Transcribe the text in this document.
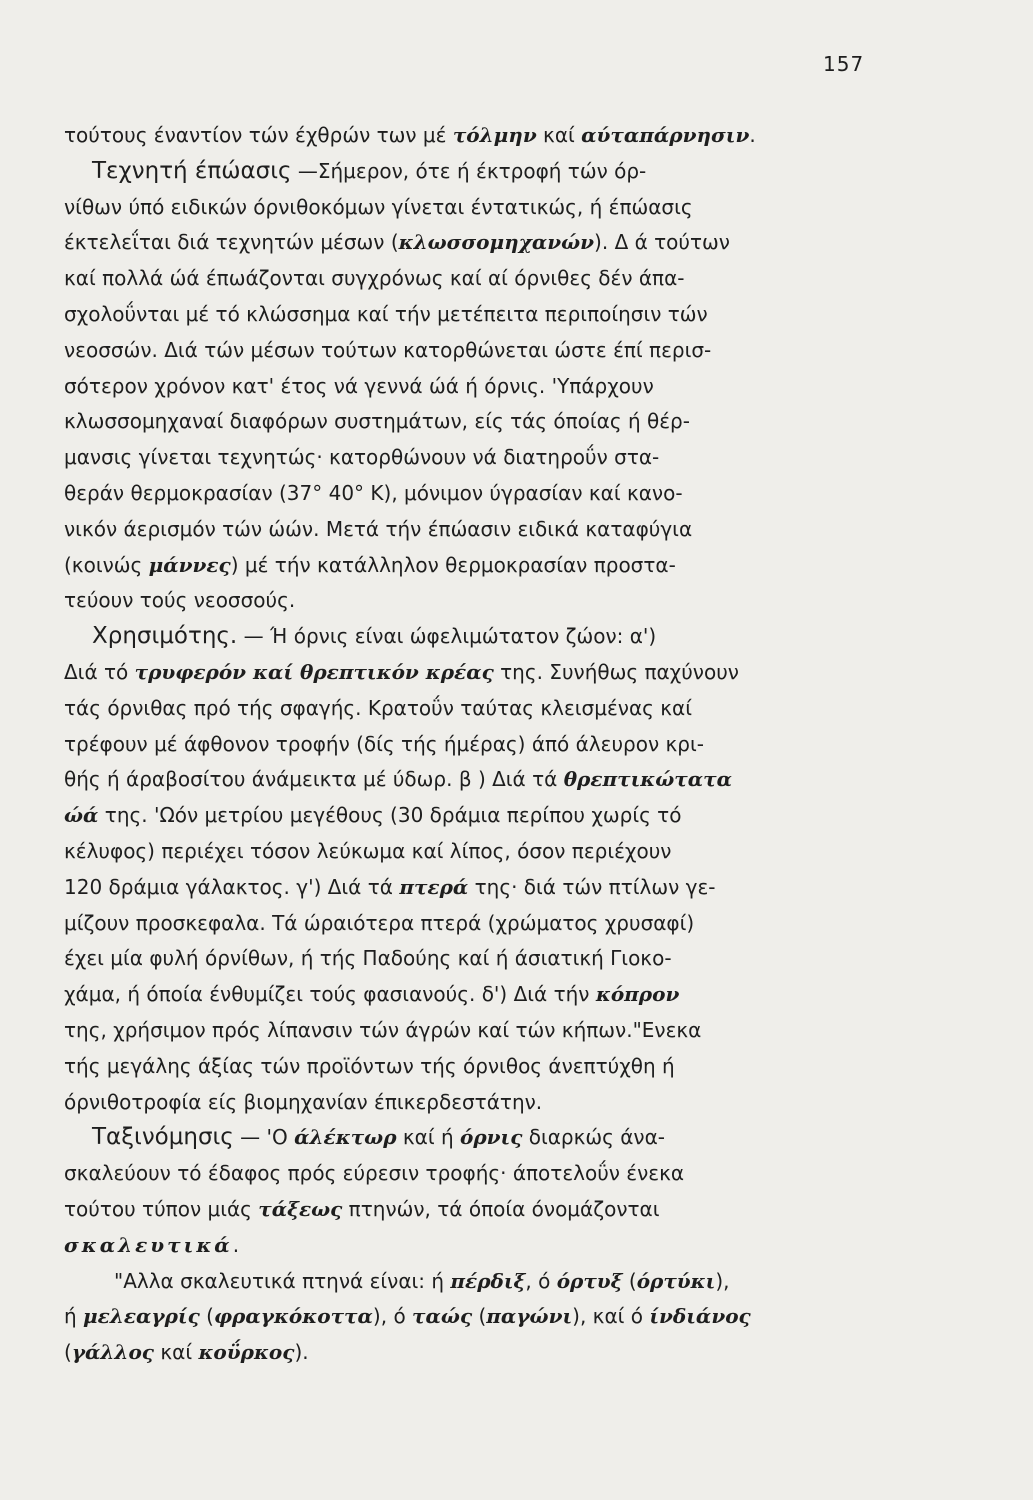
157
τούτους έναντίον τών έχθρών των μέ τόλμην καί αύταπάρνησιν.
Τεχνητή έπώασις —Σήμερον, ότε ή έκτροφή τών όρ-
νίθων ύπό ειδικών όρνιθοκόμων γίνεται έντατικώς, ή έπώασις
έκτελεΐται διά τεχνητών μέσων (κλωσσομηχανών). Δ ά τούτων
καί πολλά ώά έπωάζονται συγχρόνως καί αί όρνιθες δέν άπα-
σχολοΰνται μέ τό κλώσσημα καί τήν μετέπειτα περιποίησιν τών
νεοσσών. Διά τών μέσων τούτων κατορθώνεται ώστε έπί περισ-
σότερον χρόνον κατ' έτος νά γεννά ώά ή όρνις. 'Υπάρχουν
κλωσσομηχαναί διαφόρων συστημάτων, είς τάς όποίας ή θέρ-
μανσις γίνεται τεχνητώς· κατορθώνουν νά διατηροΰν στα-
θεράν θερμοκρασίαν (37° 40° Κ), μόνιμον ύγρασίαν καί κανο-
νικόν άερισμόν τών ώών. Μετά τήν έπώασιν ειδικά καταφύγια
(κοινώς μάννες) μέ τήν κατάλληλον θερμοκρασίαν προστα-
τεύουν τούς νεοσσούς.
Χρησιμότης. — Ή όρνις είναι ώφελιμώτατον ζώον: α')
Διά τό τρυφερόν καί θρεπτικόν κρέας της. Συνήθως παχύνουν
τάς όρνιθας πρό τής σφαγής. Κρατοΰν ταύτας κλεισμένας καί
τρέφουν μέ άφθονον τροφήν (δίς τής ήμέρας) άπό άλευρον κρι-
θής ή άραβοσίτου άνάμεικτα μέ ύδωρ. β ) Διά τά θρεπτικώτατα
ώά της. 'Ωόν μετρίου μεγέθους (30 δράμια περίπου χωρίς τό
κέλυφος) περιέχει τόσον λεύκωμα καί λίπος, όσον περιέχουν
120 δράμια γάλακτος. γ') Διά τά πτερά της· διά τών πτίλων γε-
μίζουν προσκεφαλα. Τά ώραιότερα πτερά (χρώματος χρυσαφί)
έχει μία φυλή όρνίθων, ή τής Παδούης καί ή άσιατική Γιοκο-
χάμα, ή όποία ένθυμίζει τούς φασιανούς. δ') Διά τήν κόπρον
της, χρήσιμον πρός λίπανσιν τών άγρών καί τών κήπων."Ενεκα
τής μεγάλης άξίας τών προϊόντων τής όρνιθος άνεπτύχθη ή
όρνιθοτροφία είς βιομηχανίαν έπικερδεστάτην.
Ταξινόμησις — 'Ο άλέκτωρ καί ή όρνις διαρκώς άνα-
σκαλεύουν τό έδαφος πρός εύρεσιν τροφής· άποτελοΰν ένεκα
τούτου τύπον μιάς τάξεως πτηνών, τά όποία όνομάζονται
σκαλευτικά.
"Αλλα σκαλευτικά πτηνά είναι: ή πέρδιξ, ό όρτυξ (όρτύκι),
ή μελεαγρίς (φραγκόκοττα), ό ταώς (παγώνι), καί ό ίνδιάνος
(γάλλος καί κοΰρκος).
